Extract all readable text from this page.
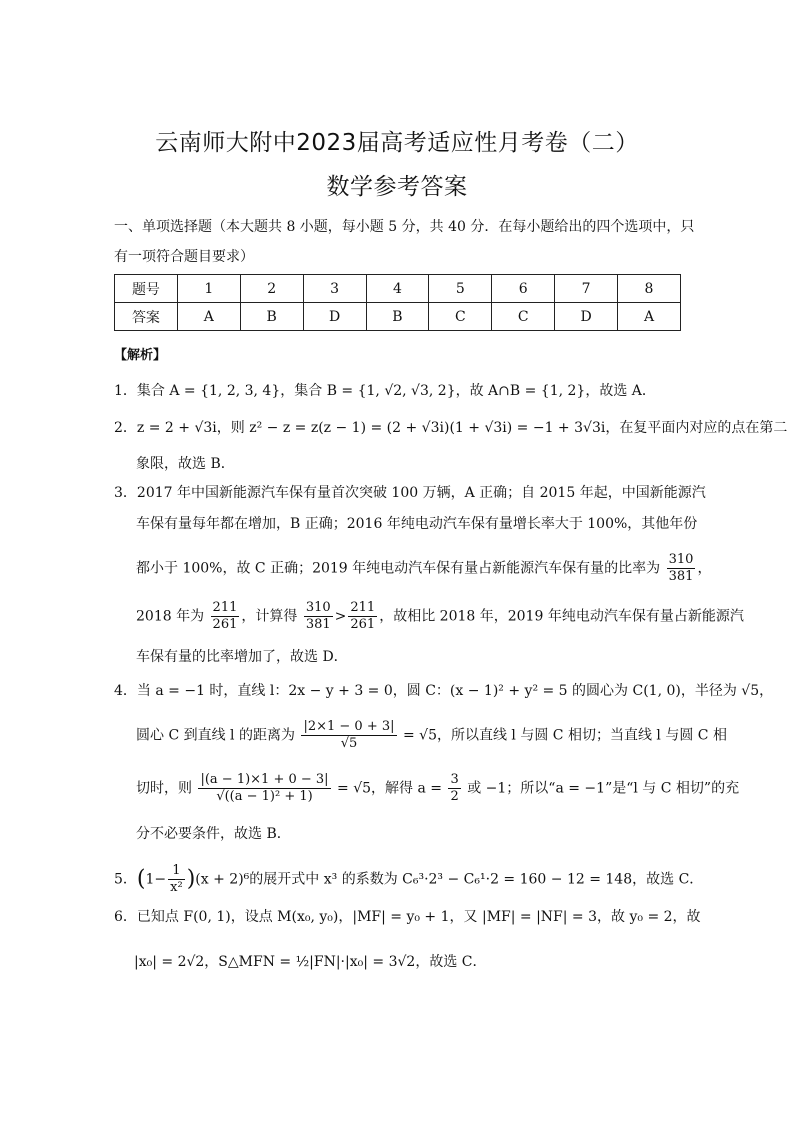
云南师大附中2023届高考适应性月考卷（二）
数学参考答案
一、单项选择题（本大题共 8 小题，每小题 5 分，共 40 分．在每小题给出的四个选项中，只
有一项符合题目要求）
题号	1	2	3	4	5	6	7	8
答案	A	B	D	B	C	C	D	A
【解析】
1．集合 A = {1, 2, 3, 4}，集合 B = {1, √2, √3, 2}，故 A∩B = {1, 2}，故选 A．
2．z = 2 + √3i，则 z² − z = z(z − 1) = (2 + √3i)(1 + √3i) = −1 + 3√3i，在复平面内对应的点在第二
象限，故选 B．
3．2017 年中国新能源汽车保有量首次突破 100 万辆，A 正确；自 2015 年起，中国新能源汽
车保有量每年都在增加，B 正确；2016 年纯电动汽车保有量增长率大于 100%，其他年份
都小于 100%，故 C 正确；2019 年纯电动汽车保有量占新能源汽车保有量的比率为 $\frac{310}{381}$ ，
2018 年为 $\frac{211}{261}$ ，计算得 $\frac{310}{381} > \frac{211}{261}$ ，故相比 2018 年，2019 年纯电动汽车保有量占新能源汽
车保有量的比率增加了，故选 D．
4．当 a = −1 时，直线 l：2x − y + 3 = 0，圆 C：(x − 1)² + y² = 5 的圆心为 C(1, 0)，半径为 √5，
圆心 C 到直线 l 的距离为 $\frac{|2\times 1 - 0 + 3|}{√5} = √5$，所以直线 l 与圆 C 相切；当直线 l 与圆 C 相
切时，则 $\frac{|(a - 1)\times 1 + 0 - 3|}{\text{√((a − 1)² + 1)}} = √5$，解得 $a = \frac{3}{2}$ 或 −1；所以“a = −1”是“l 与 C 相切”的充
分不必要条件，故选 B．
5．$(1- \frac{1}{\text{x²}} )(x + 2)^6$的展开式中 x³ 的系数为 C₆³·2³ − C₆¹·2 = 160 − 12 = 148，故选 C．
6．已知点 F(0, 1)，设点 M(x₀, y₀)，|MF| = y₀ + 1，又 |MF| = |NF| = 3，故 y₀ = 2，故
|x₀| = 2√2，S△MFN = ½|FN|·|x₀| = 3√2，故选 C．
